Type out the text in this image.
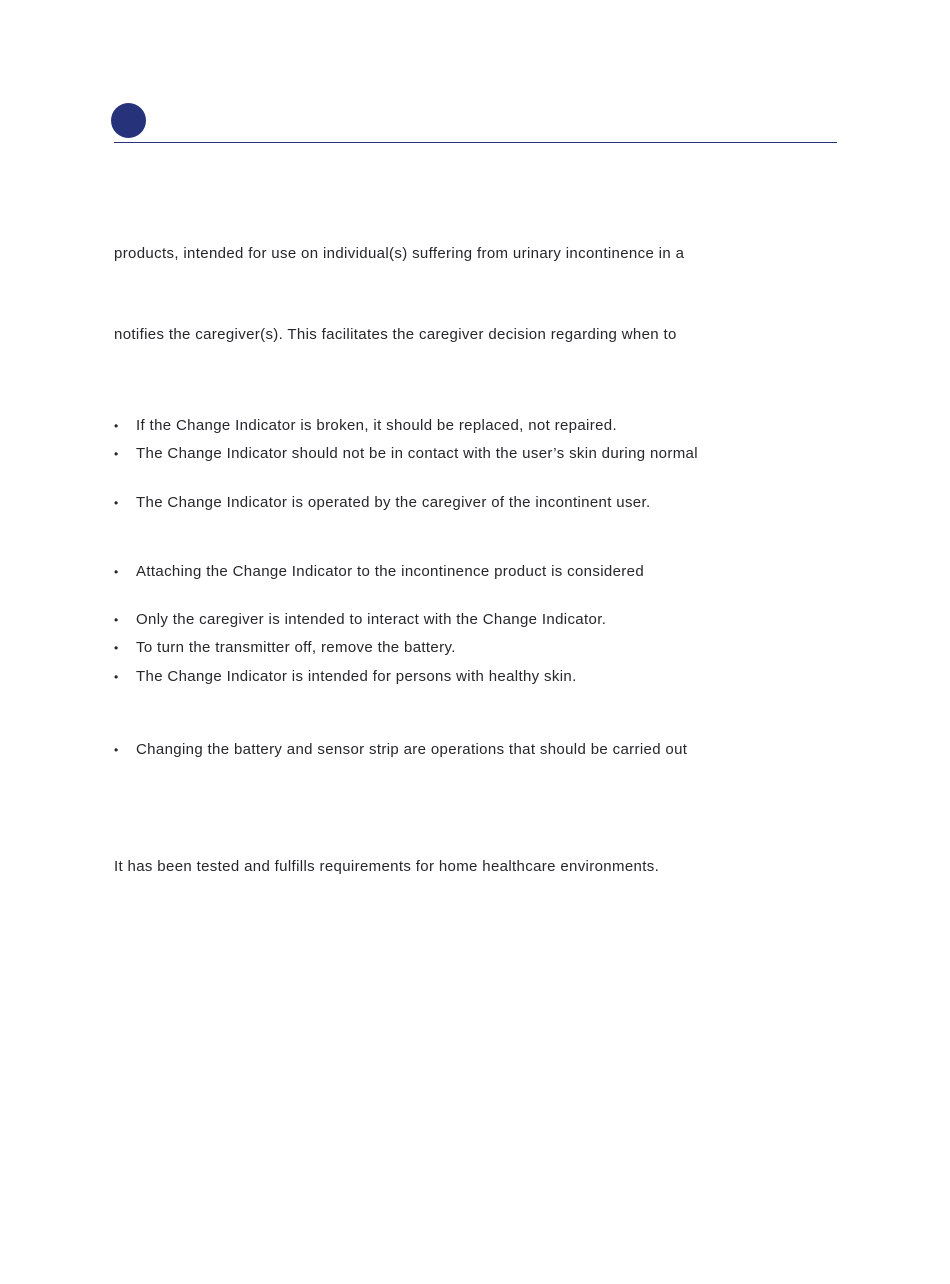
products, intended for use on individual(s) suffering from urinary incontinence in a
notifies the caregiver(s). This facilitates the caregiver decision regarding when to
• If the Change Indicator is broken, it should be replaced, not repaired.
• The Change Indicator should not be in contact with the user’s skin during normal
• The Change Indicator is operated by the caregiver of the incontinent user.
• Attaching the Change Indicator to the incontinence product is considered
• Only the caregiver is intended to interact with the Change Indicator.
• To turn the transmitter off, remove the battery.
• The Change Indicator is intended for persons with healthy skin.
• Changing the battery and sensor strip are operations that should be carried out
It has been tested and fulfills requirements for home healthcare environments.
